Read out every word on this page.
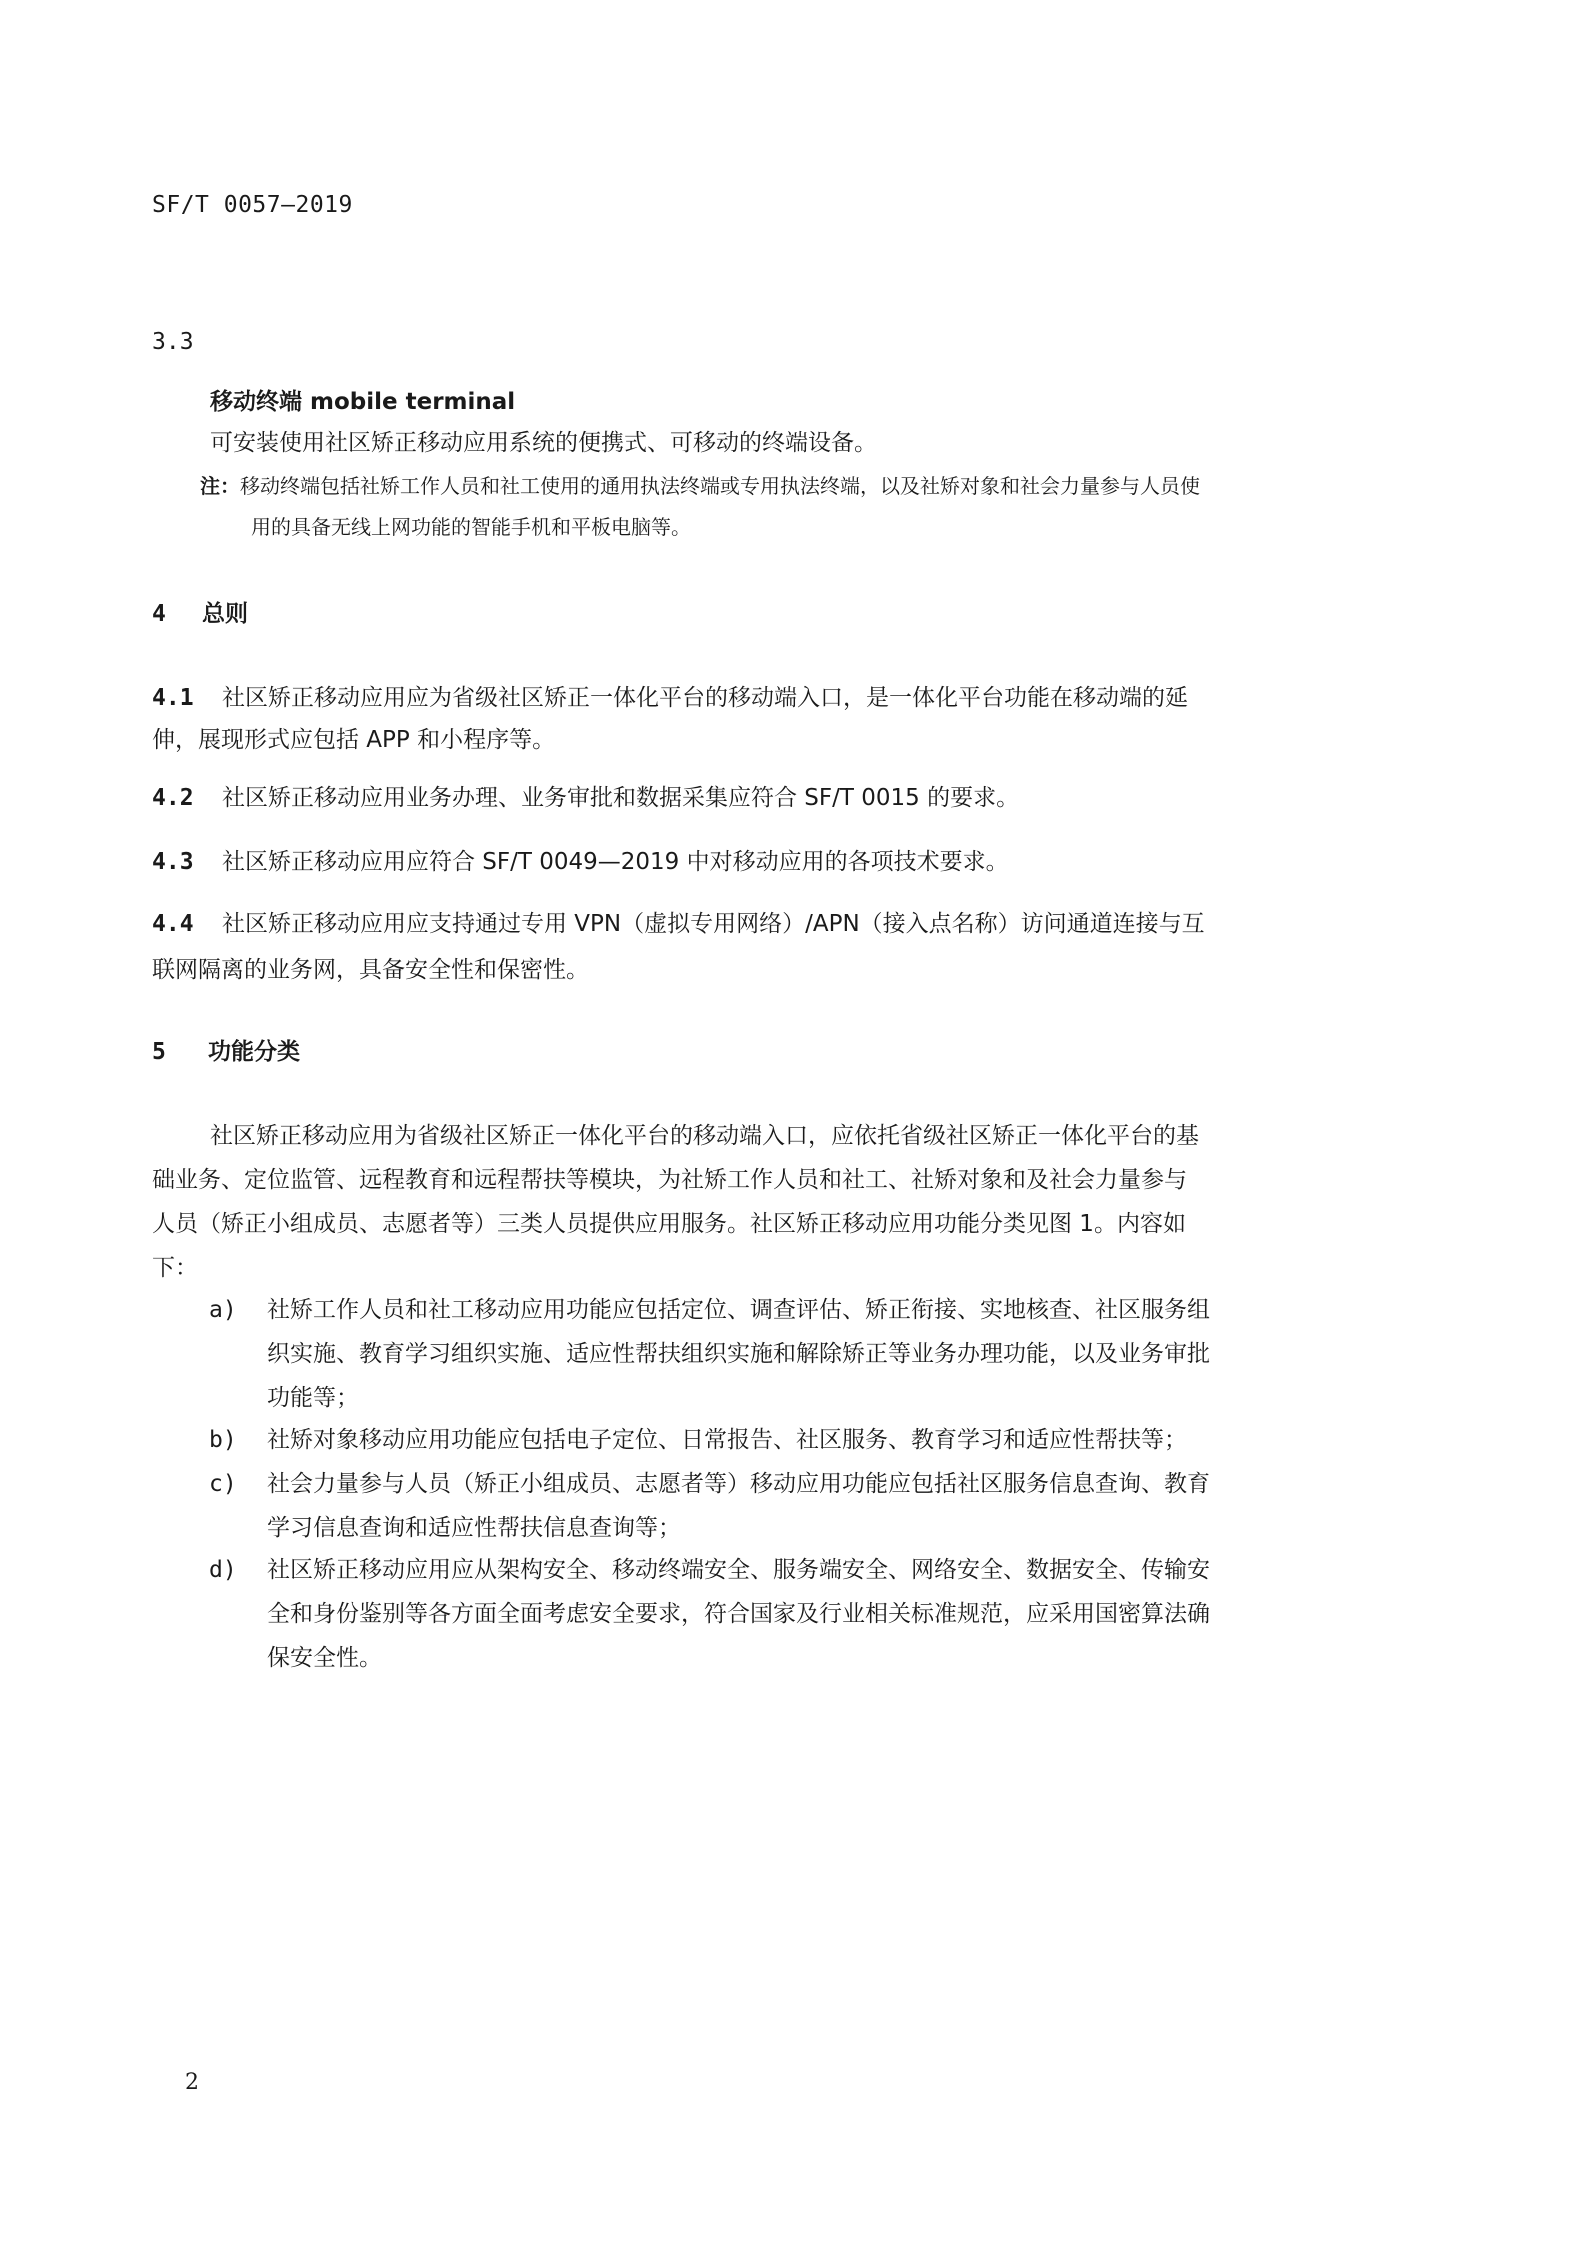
SF/T 0057—2019
3.3
移动终端 mobile terminal
可安装使用社区矫正移动应用系统的便携式、可移动的终端设备。
注：移动终端包括社矫工作人员和社工使用的通用执法终端或专用执法终端，以及社矫对象和社会力量参与人员使
用的具备无线上网功能的智能手机和平板电脑等。
4 总则
4.1 社区矫正移动应用应为省级社区矫正一体化平台的移动端入口，是一体化平台功能在移动端的延
伸，展现形式应包括 APP 和小程序等。
4.2 社区矫正移动应用业务办理、业务审批和数据采集应符合 SF/T 0015 的要求。
4.3 社区矫正移动应用应符合 SF/T 0049—2019 中对移动应用的各项技术要求。
4.4 社区矫正移动应用应支持通过专用 VPN（虚拟专用网络）/APN（接入点名称）访问通道连接与互
联网隔离的业务网，具备安全性和保密性。
5 功能分类
社区矫正移动应用为省级社区矫正一体化平台的移动端入口，应依托省级社区矫正一体化平台的基
础业务、定位监管、远程教育和远程帮扶等模块，为社矫工作人员和社工、社矫对象和及社会力量参与
人员（矫正小组成员、志愿者等）三类人员提供应用服务。社区矫正移动应用功能分类见图 1。内容如
下：
a) 社矫工作人员和社工移动应用功能应包括定位、调查评估、矫正衔接、实地核查、社区服务组
织实施、教育学习组织实施、适应性帮扶组织实施和解除矫正等业务办理功能，以及业务审批
功能等；
b) 社矫对象移动应用功能应包括电子定位、日常报告、社区服务、教育学习和适应性帮扶等；
c) 社会力量参与人员（矫正小组成员、志愿者等）移动应用功能应包括社区服务信息查询、教育
学习信息查询和适应性帮扶信息查询等；
d) 社区矫正移动应用应从架构安全、移动终端安全、服务端安全、网络安全、数据安全、传输安
全和身份鉴别等各方面全面考虑安全要求，符合国家及行业相关标准规范，应采用国密算法确
保安全性。
2
